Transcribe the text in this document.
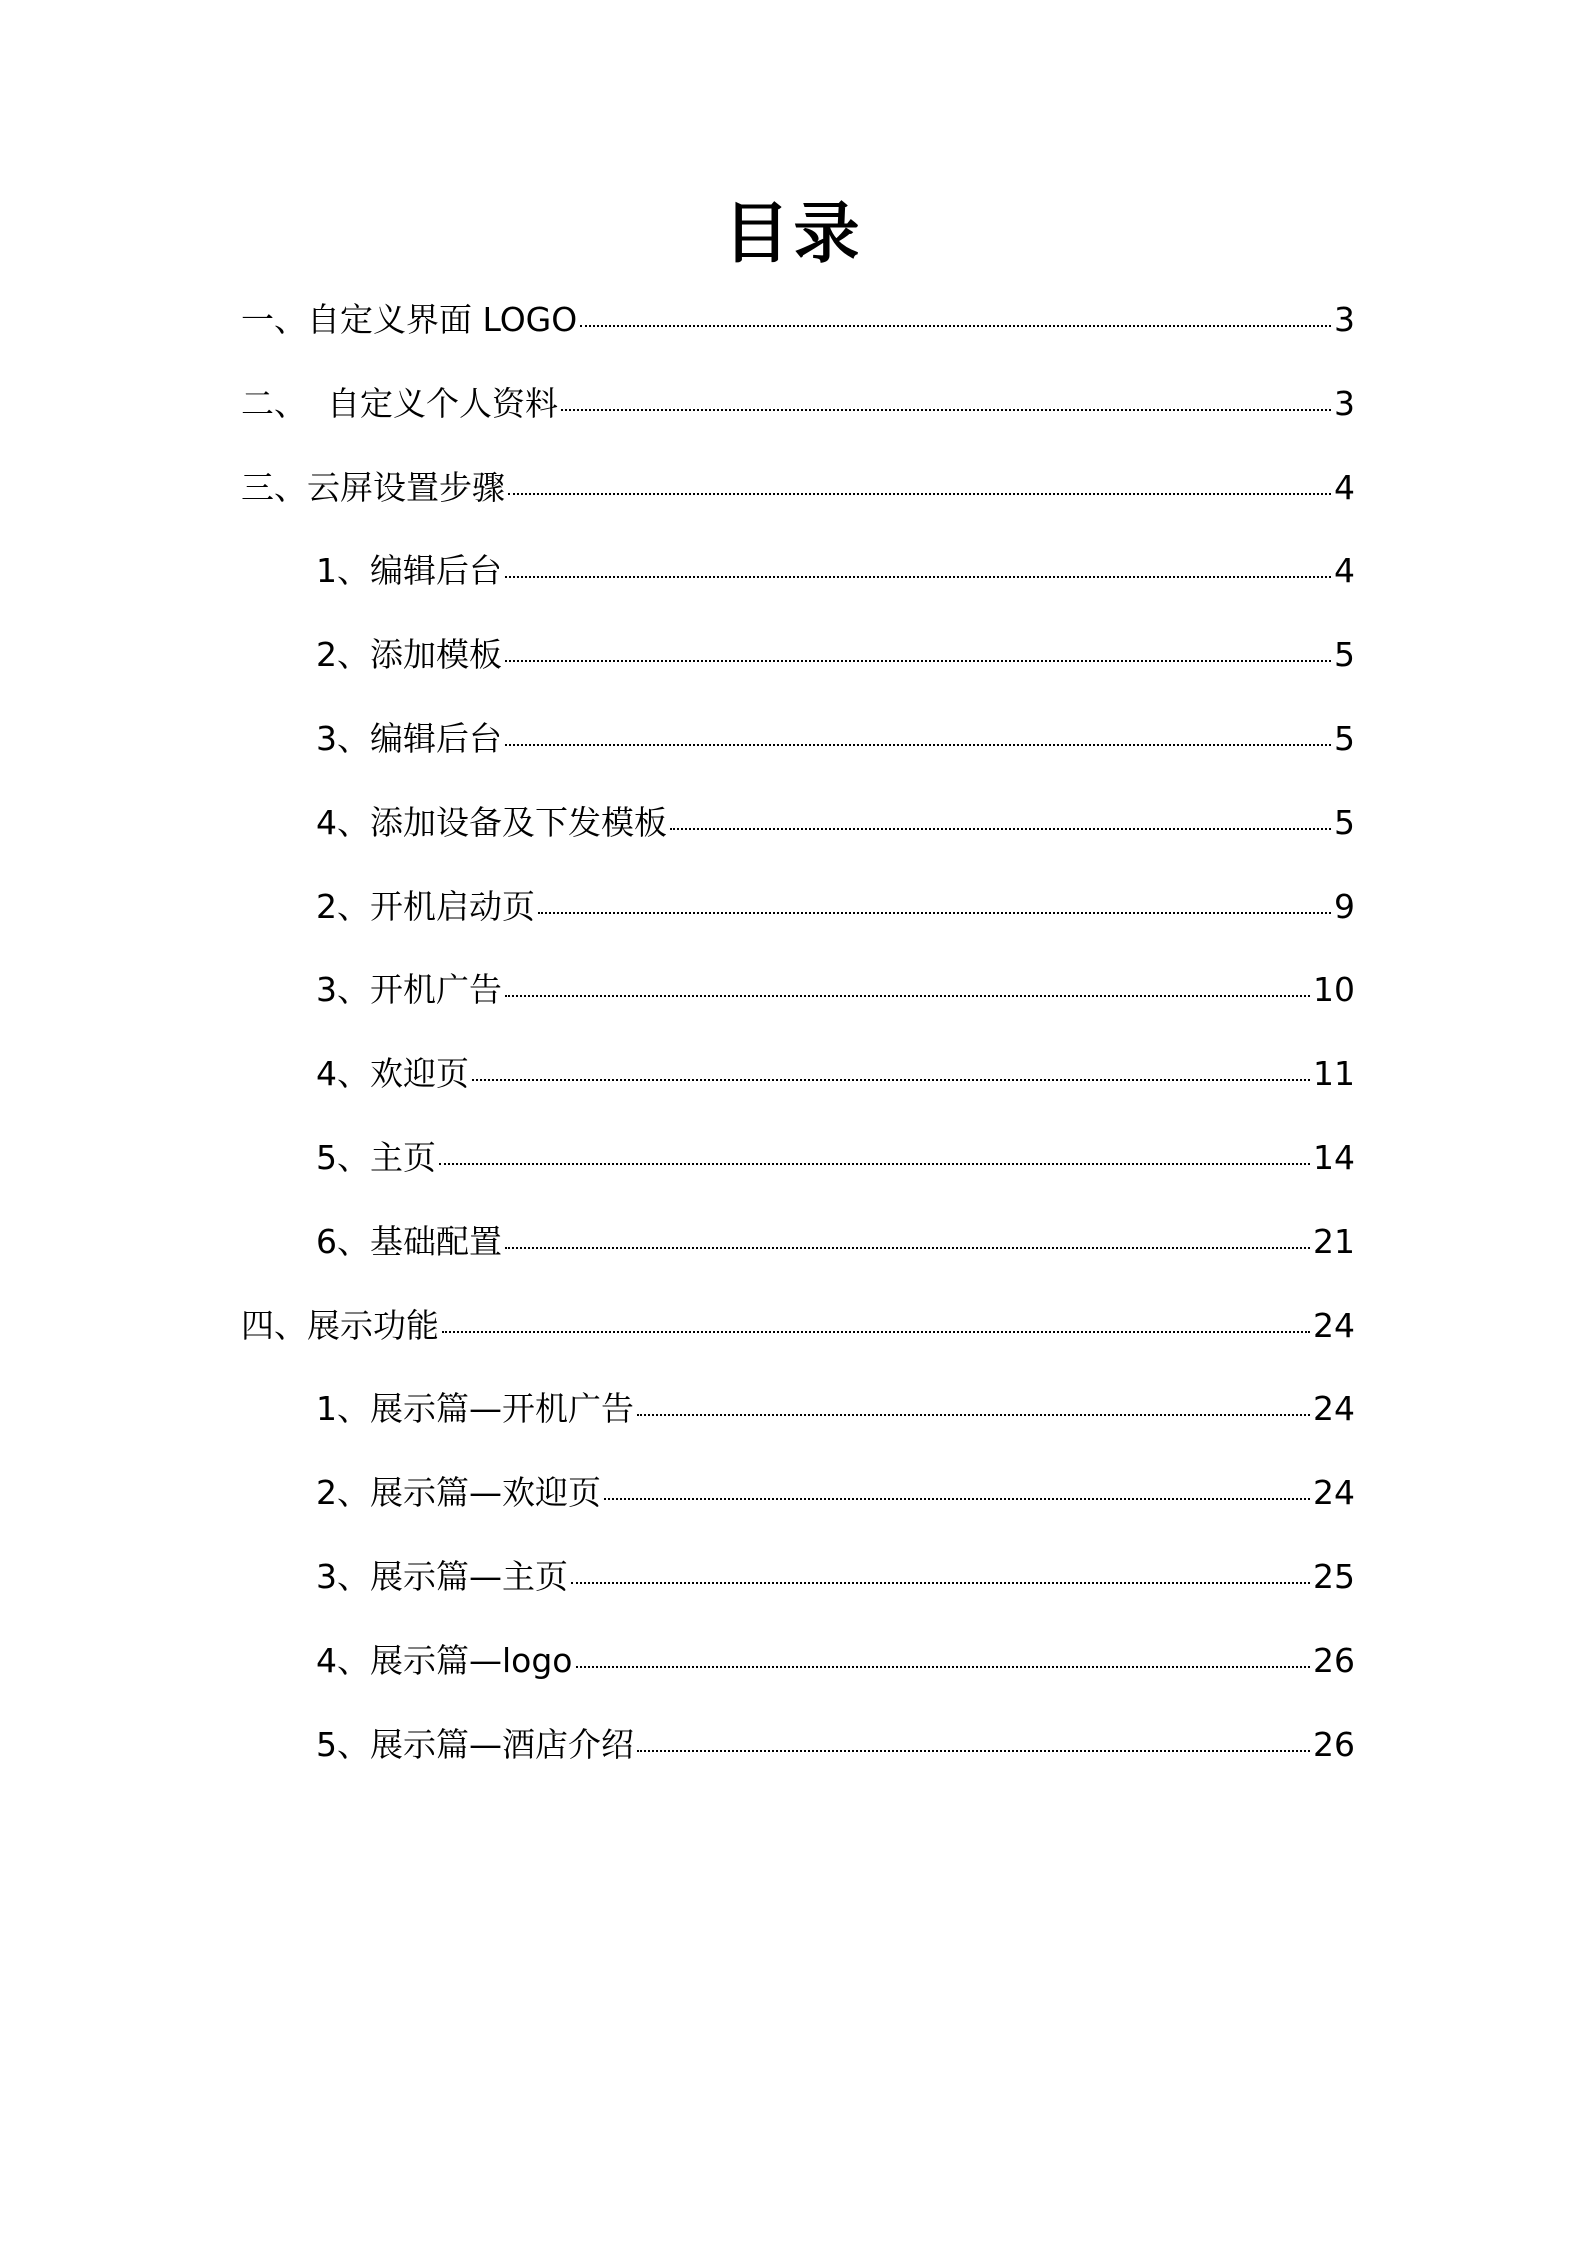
目录
一、自定义界面 LOGO	3
二、 自定义个人资料	3
三、云屏设置步骤	4
1、编辑后台	4
2、添加模板	5
3、编辑后台	5
4、添加设备及下发模板	5
2、开机启动页	9
3、开机广告	10
4、欢迎页	11
5、主页	14
6、基础配置	21
四、展示功能	24
1、展示篇—开机广告	24
2、展示篇—欢迎页	24
3、展示篇—主页	25
4、展示篇—logo	26
5、展示篇—酒店介绍	26
